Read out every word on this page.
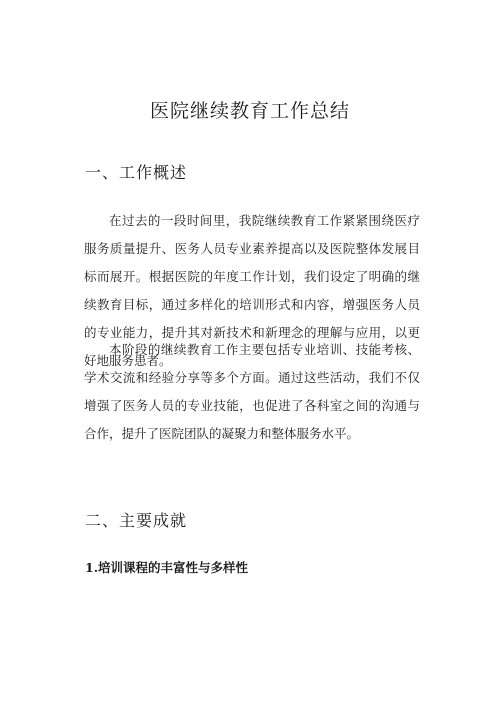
医院继续教育工作总结
一、工作概述

在过去的一段时间里，我院继续教育工作紧紧围绕医疗服务质量提升、医务人员专业素养提高以及医院整体发展目标而展开。根据医院的年度工作计划，我们设定了明确的继续教育目标，通过多样化的培训形式和内容，增强医务人员的专业能力，提升其对新技术和新理念的理解与应用，以更好地服务患者。

本阶段的继续教育工作主要包括专业培训、技能考核、学术交流和经验分享等多个方面。通过这些活动，我们不仅增强了医务人员的专业技能，也促进了各科室之间的沟通与合作，提升了医院团队的凝聚力和整体服务水平。

二、主要成就
1.培训课程的丰富性与多样性
